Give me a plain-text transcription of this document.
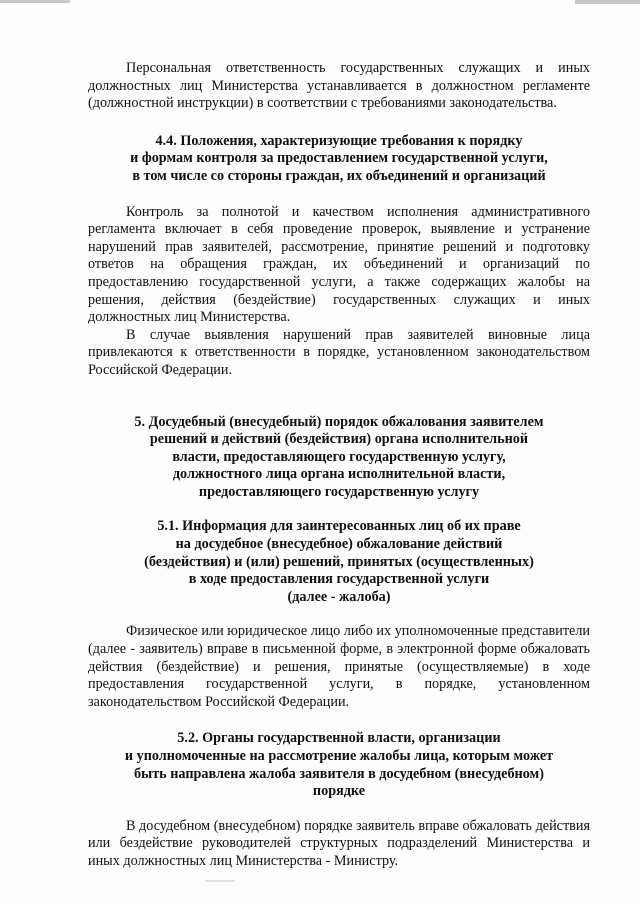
Персональная ответственность государственных служащих и иных должностных лиц Министерства устанавливается в должностном регламенте (должностной инструкции) в соответствии с требованиями законодательства.

4.4. Положения, характеризующие требования к порядку
и формам контроля за предоставлением государственной услуги,
в том числе со стороны граждан, их объединений и организаций

Контроль за полнотой и качеством исполнения административного регламента включает в себя проведение проверок, выявление и устранение нарушений прав заявителей, рассмотрение, принятие решений и подготовку ответов на обращения граждан, их объединений и организаций по предоставлению государственной услуги, а также содержащих жалобы на решения, действия (бездействие) государственных служащих и иных должностных лиц Министерства.

В случае выявления нарушений прав заявителей виновные лица привлекаются к ответственности в порядке, установленном законодательством Российской Федерации.

5. Досудебный (внесудебный) порядок обжалования заявителем
решений и действий (бездействия) органа исполнительной
власти, предоставляющего государственную услугу,
должностного лица органа исполнительной власти,
предоставляющего государственную услугу
5.1. Информация для заинтересованных лиц об их праве
на досудебное (внесудебное) обжалование действий
(бездействия) и (или) решений, принятых (осуществленных)
в ходе предоставления государственной услуги
(далее - жалоба)

Физическое или юридическое лицо либо их уполномоченные представители (далее - заявитель) вправе в письменной форме, в электронной форме обжаловать действия (бездействие) и решения, принятые (осуществляемые) в ходе предоставления государственной услуги, в порядке, установленном законодательством Российской Федерации.

5.2. Органы государственной власти, организации
и уполномоченные на рассмотрение жалобы лица, которым может
быть направлена жалоба заявителя в досудебном (внесудебном)
порядке

В досудебном (внесудебном) порядке заявитель вправе обжаловать действия или бездействие руководителей структурных подразделений Министерства и иных должностных лиц Министерства - Министру.
